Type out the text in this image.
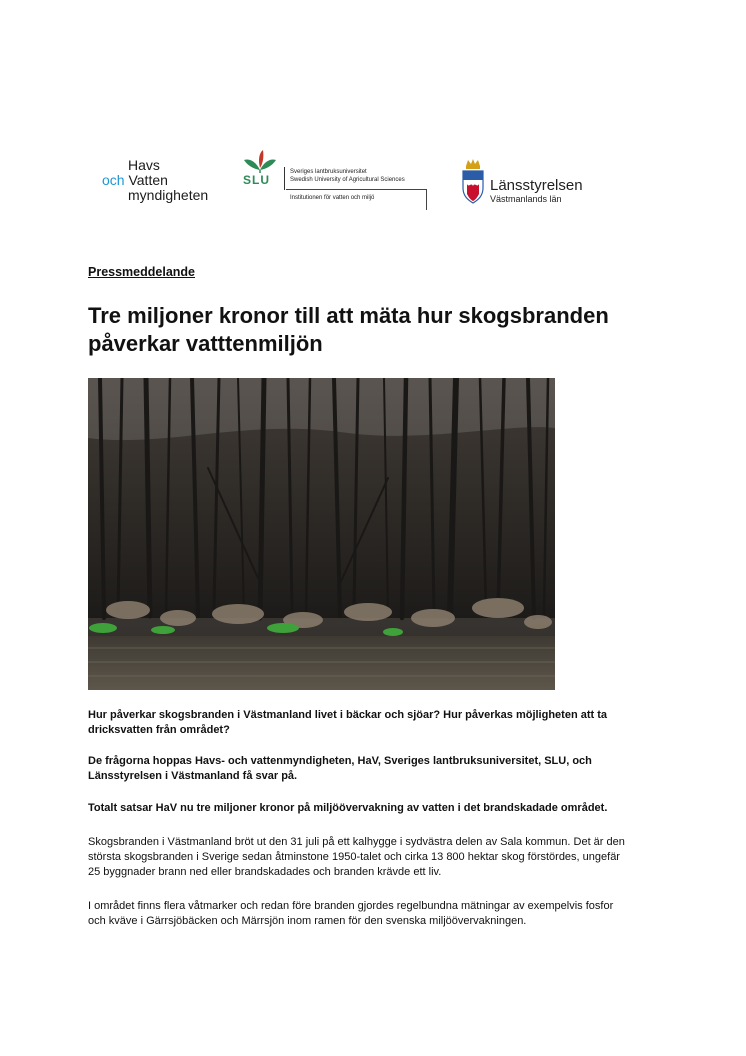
Havs
och Vatten
myndigheten
SLU
Sveriges lantbruksuniversitet
Swedish University of Agricultural Sciences
Institutionen för vatten och miljö
Länsstyrelsen
Västmanlands län
Pressmeddelande
Tre miljoner kronor till att mäta hur skogsbranden påverkar vatttenmiljön

Hur påverkar skogsbranden i Västmanland livet i bäckar och sjöar? Hur påverkas möjligheten att ta dricksvatten från området?

De frågorna hoppas Havs- och vattenmyndigheten, HaV, Sveriges lantbruksuniversitet, SLU, och Länsstyrelsen i Västmanland få svar på.

Totalt satsar HaV nu tre miljoner kronor på miljöövervakning av vatten i det brandskadade området.

Skogsbranden i Västmanland bröt ut den 31 juli på ett kalhygge i sydvästra delen av Sala kommun. Det är den största skogsbranden i Sverige sedan åtminstone 1950-talet och cirka 13 800 hektar skog förstördes, ungefär 25 byggnader brann ned eller brandskadades och branden krävde ett liv.

I området finns flera våtmarker och redan före branden gjordes regelbundna mätningar av exempelvis fosfor och kväve i Gärrsjöbäcken och Märrsjön inom ramen för den svenska miljöövervakningen.
